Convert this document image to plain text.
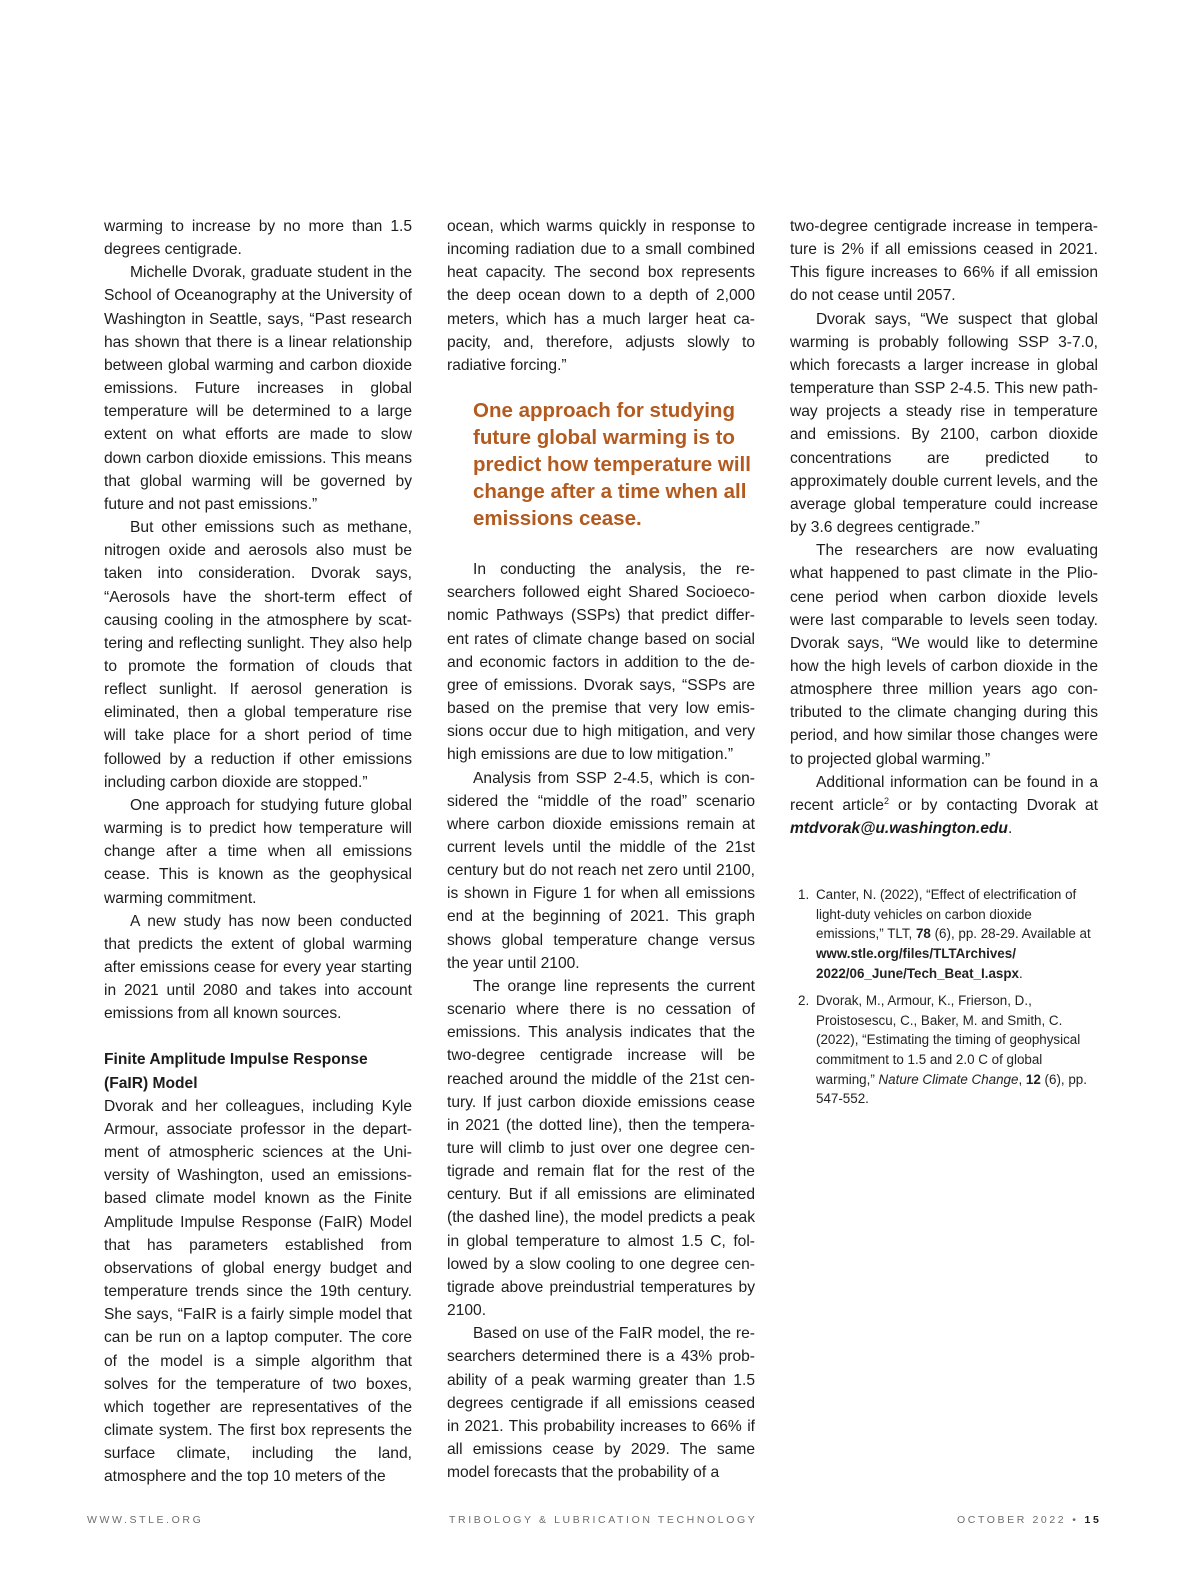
warming to increase by no more than 1.5 degrees centigrade.

Michelle Dvorak, graduate student in the School of Oceanography at the University of Washington in Seattle, says, “Past research has shown that there is a linear relationship between global warming and carbon dioxide emissions. Future increases in global temperature will be determined to a large extent on what efforts are made to slow down carbon dioxide emissions. This means that global warming will be governed by future and not past emissions.”

But other emissions such as methane, nitrogen oxide and aerosols also must be taken into consideration. Dvorak says, “Aerosols have the short-term effect of causing cooling in the atmosphere by scattering and reflecting sunlight. They also help to promote the formation of clouds that reflect sunlight. If aerosol generation is eliminated, then a global temperature rise will take place for a short period of time followed by a reduction if other emissions including carbon dioxide are stopped.”

One approach for studying future global warming is to predict how temperature will change after a time when all emissions cease. This is known as the geophysical warming commitment.

A new study has now been conducted that predicts the extent of global warming after emissions cease for every year starting in 2021 until 2080 and takes into account emissions from all known sources.

Finite Amplitude Impulse Response (FaIR) Model

Dvorak and her colleagues, including Kyle Armour, associate professor in the department of atmospheric sciences at the University of Washington, used an emissions-based climate model known as the Finite Amplitude Impulse Response (FaIR) Model that has parameters established from observations of global energy budget and temperature trends since the 19th century. She says, “FaIR is a fairly simple model that can be run on a laptop computer. The core of the model is a simple algorithm that solves for the temperature of two boxes, which together are representatives of the climate system. The first box represents the surface climate, including the land, atmosphere and the top 10 meters of the

ocean, which warms quickly in response to incoming radiation due to a small combined heat capacity. The second box represents the deep ocean down to a depth of 2,000 meters, which has a much larger heat capacity, and, therefore, adjusts slowly to radiative forcing.”

One approach for studying future global warming is to predict how temperature will change after a time when all emissions cease.

In conducting the analysis, the researchers followed eight Shared Socioeconomic Pathways (SSPs) that predict different rates of climate change based on social and economic factors in addition to the degree of emissions. Dvorak says, “SSPs are based on the premise that very low emissions occur due to high mitigation, and very high emissions are due to low mitigation.”

Analysis from SSP 2-4.5, which is considered the “middle of the road” scenario where carbon dioxide emissions remain at current levels until the middle of the 21st century but do not reach net zero until 2100, is shown in Figure 1 for when all emissions end at the beginning of 2021. This graph shows global temperature change versus the year until 2100.

The orange line represents the current scenario where there is no cessation of emissions. This analysis indicates that the two-degree centigrade increase will be reached around the middle of the 21st century. If just carbon dioxide emissions cease in 2021 (the dotted line), then the temperature will climb to just over one degree centigrade and remain flat for the rest of the century. But if all emissions are eliminated (the dashed line), the model predicts a peak in global temperature to almost 1.5 C, followed by a slow cooling to one degree centigrade above preindustrial temperatures by 2100.

Based on use of the FaIR model, the researchers determined there is a 43% probability of a peak warming greater than 1.5 degrees centigrade if all emissions ceased in 2021. This probability increases to 66% if all emissions cease by 2029. The same model forecasts that the probability of a

two-degree centigrade increase in temperature is 2% if all emissions ceased in 2021. This figure increases to 66% if all emission do not cease until 2057.

Dvorak says, “We suspect that global warming is probably following SSP 3-7.0, which forecasts a larger increase in global temperature than SSP 2-4.5. This new pathway projects a steady rise in temperature and emissions. By 2100, carbon dioxide concentrations are predicted to approximately double current levels, and the average global temperature could increase by 3.6 degrees centigrade.”

The researchers are now evaluating what happened to past climate in the Pliocene period when carbon dioxide levels were last comparable to levels seen today. Dvorak says, “We would like to determine how the high levels of carbon dioxide in the atmosphere three million years ago contributed to the climate changing during this period, and how similar those changes were to projected global warming.”

Additional information can be found in a recent article$^2$ or by contacting Dvorak at mtdvorak@u.washington.edu.

1. Canter, N. (2022), “Effect of electrification of light-duty vehicles on carbon dioxide emissions,” TLT, 78 (6), pp. 28-29. Available at www.stle.org/files/TLTArchives/ 2022/06_June/Tech_Beat_I.aspx.
2. Dvorak, M., Armour, K., Frierson, D., Proistosescu, C., Baker, M. and Smith, C. (2022), “Estimating the timing of geophysical commitment to 1.5 and 2.0 C of global warming,” Nature Climate Change, 12 (6), pp. 547-552.
WWW.STLE.ORG	TRIBOLOGY & LUBRICATION TECHNOLOGY	OCTOBER 2022 • 15
